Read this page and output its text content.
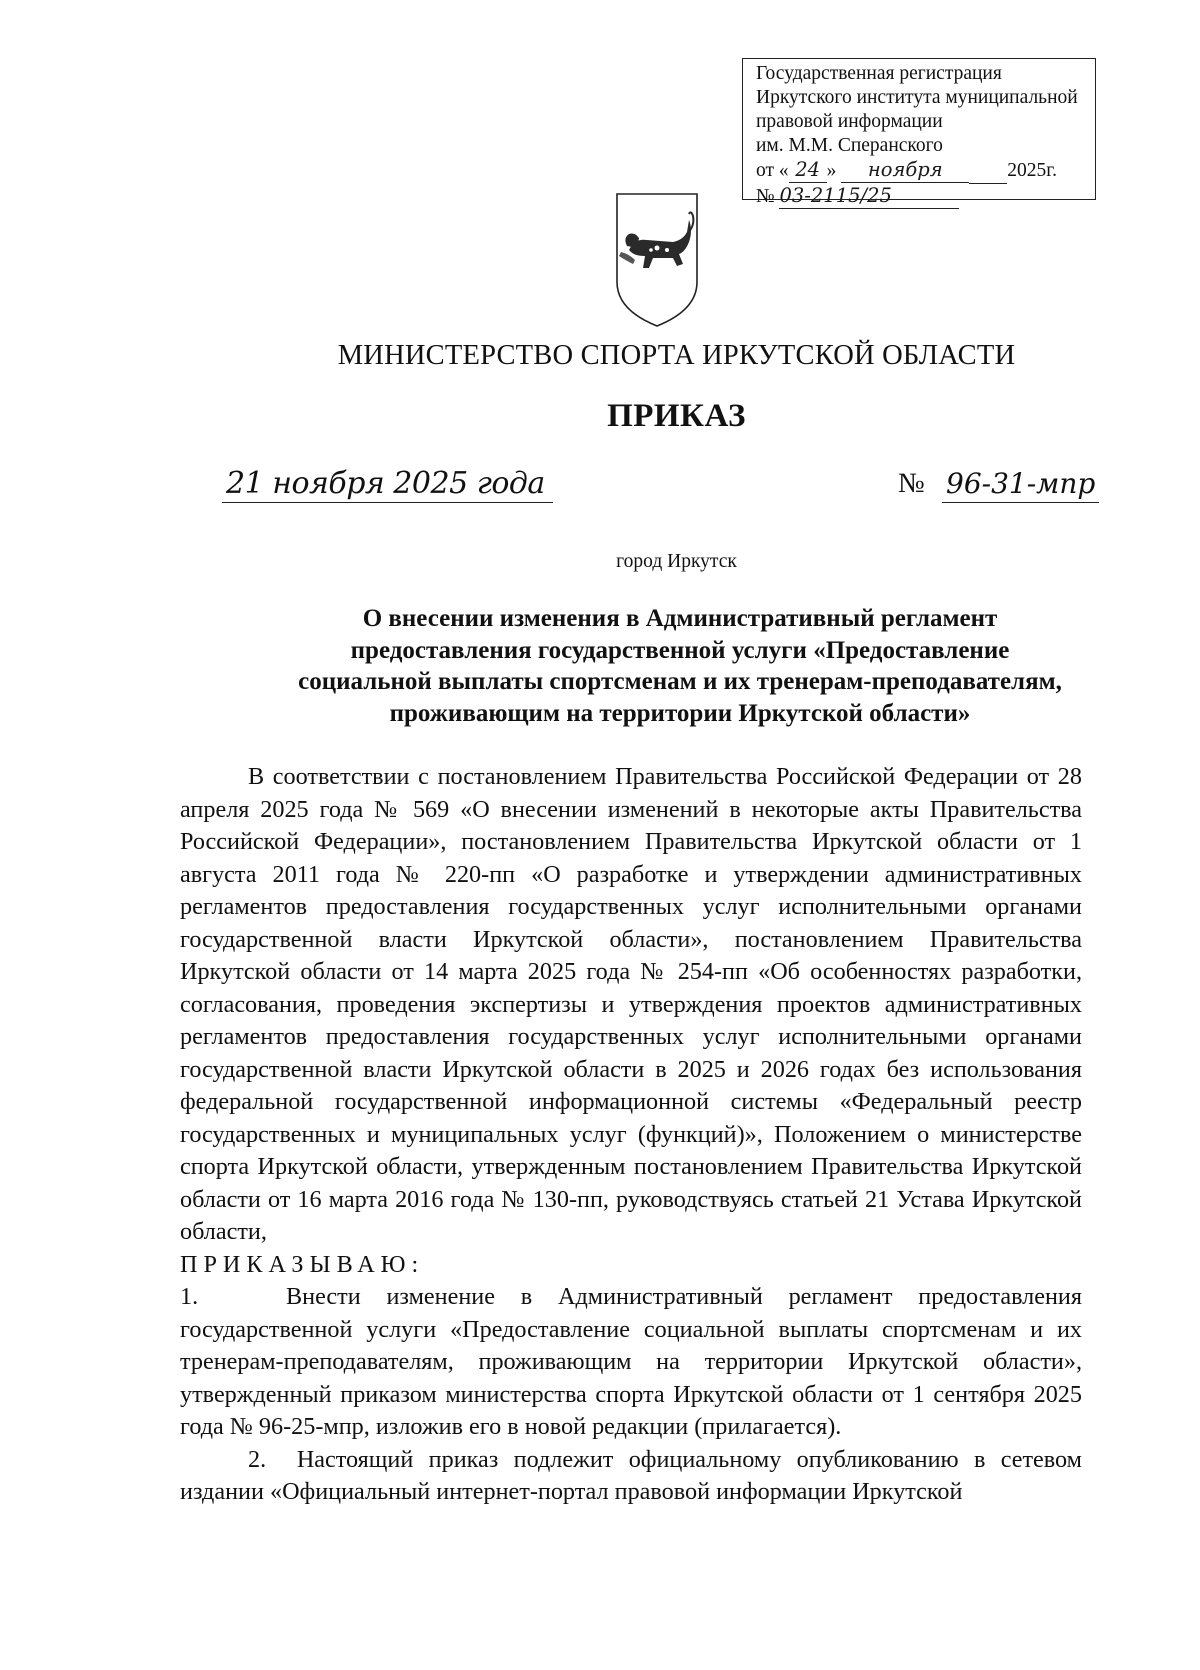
Государственная регистрация
Иркутского института муниципальной
правовой информации
им. М.М. Сперанского
от « 24 » ноября	2025г.
№ 03-2115/25
МИНИСТЕРСТВО СПОРТА ИРКУТСКОЙ ОБЛАСТИ
ПРИКАЗ
21 ноября 2025 года	№ 96-31-мпр
город Иркутск
О внесении изменения в Административный регламент
предоставления государственной услуги «Предоставление
социальной выплаты спортсменам и их тренерам-преподавателям,
проживающим на территории Иркутской области»

В соответствии с постановлением Правительства Российской Федерации от 28 апреля 2025 года № 569 «О внесении изменений в некоторые акты Правительства Российской Федерации», постановлением Правительства Иркутской области от 1 августа 2011 года № 220-пп «О разработке и утверждении административных регламентов предоставления государственных услуг исполнительными органами государственной власти Иркутской области», постановлением Правительства Иркутской области от 14 марта 2025 года № 254-пп «Об особенностях разработки, согласования, проведения экспертизы и утверждения проектов административных регламентов предоставления государственных услуг исполнительными органами государственной власти Иркутской области в 2025 и 2026 годах без использования федеральной государственной информационной системы «Федеральный реестр государственных и муниципальных услуг (функций)», Положением о министерстве спорта Иркутской области, утвержденным постановлением Правительства Иркутской области от 16 марта 2016 года № 130-пп, руководствуясь статьей 21 Устава Иркутской области,

ПРИКАЗЫВАЮ:

1.	Внести изменение в Административный регламент предоставления государственной услуги «Предоставление социальной выплаты спортсменам и их тренерам-преподавателям, проживающим на территории Иркутской области», утвержденный приказом министерства спорта Иркутской области от 1 сентября 2025 года № 96-25-мпр, изложив его в новой редакции (прилагается).

2. Настоящий приказ подлежит официальному опубликованию в сетевом издании «Официальный интернет-портал правовой информации Иркутской
